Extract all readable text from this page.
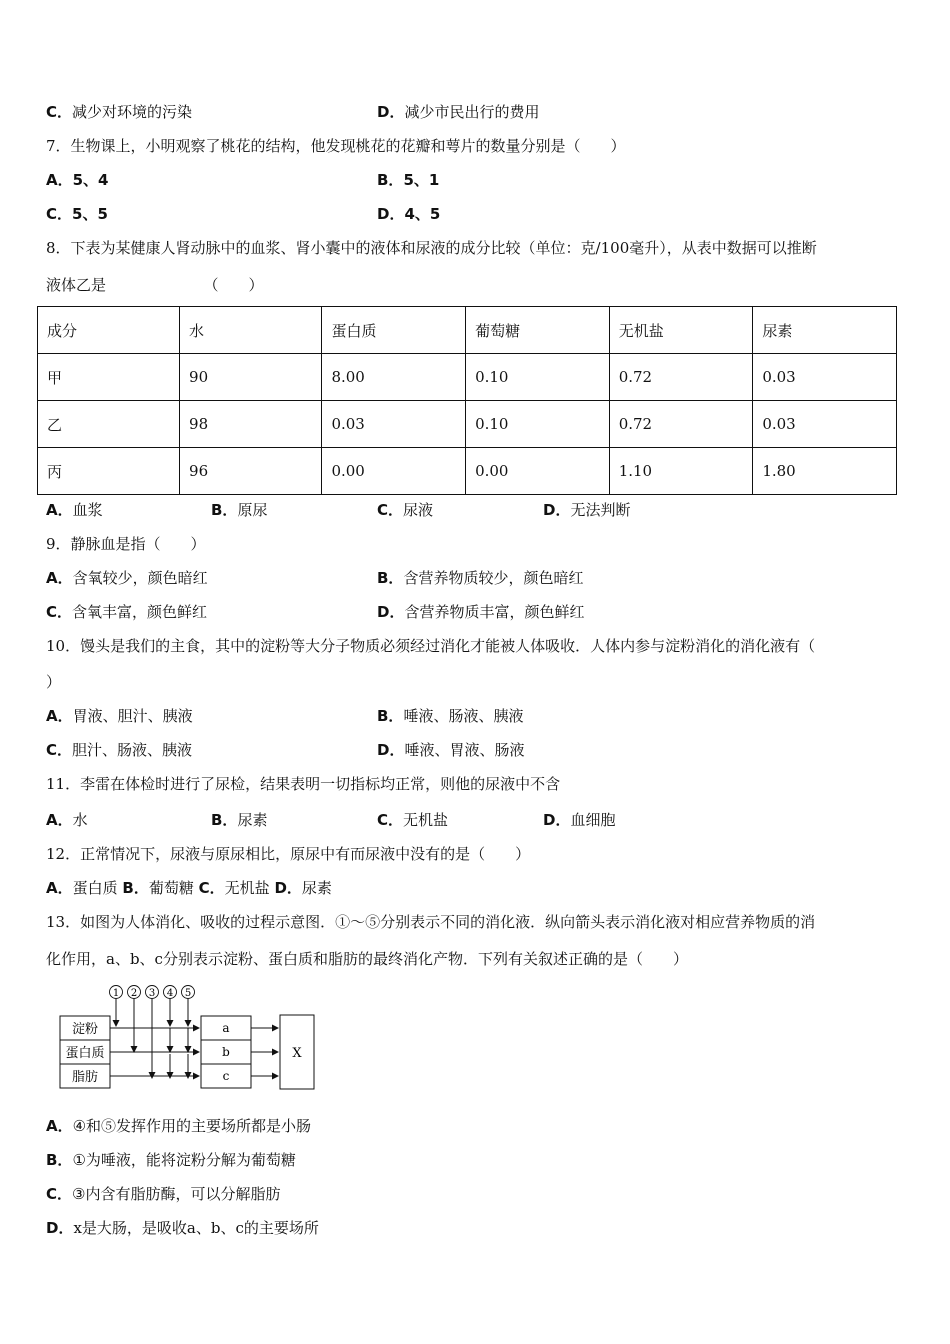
C．减少对环境的污染	D．减少市民出行的费用
7．生物课上，小明观察了桃花的结构，他发现桃花的花瓣和萼片的数量分别是（　　）
A．5、4	B．5、1
C．5、5	D．4、5
8．下表为某健康人肾动脉中的血浆、肾小囊中的液体和尿液的成分比较（单位：克/100毫升），从表中数据可以推断
液体乙是　　　　　　　（　　）
成分	水	蛋白质	葡萄糖	无机盐	尿素
甲	90	8.00	0.10	0.72	0.03
乙	98	0.03	0.10	0.72	0.03
丙	96	0.00	0.00	1.10	1.80
A．血浆	B．原尿	C．尿液	D．无法判断
9．静脉血是指（　　）
A．含氧较少，颜色暗红	B．含营养物质较少，颜色暗红
C．含氧丰富，颜色鲜红	D．含营养物质丰富，颜色鲜红
10．馒头是我们的主食，其中的淀粉等大分子物质必须经过消化才能被人体吸收．人体内参与淀粉消化的消化液有（
）
A．胃液、胆汁、胰液	B．唾液、肠液、胰液
C．胆汁、肠液、胰液	D．唾液、胃液、肠液
11．李雷在体检时进行了尿检，结果表明一切指标均正常，则他的尿液中不含
A．水	B．尿素	C．无机盐	D．血细胞
12．正常情况下，尿液与原尿相比，原尿中有而尿液中没有的是（　　）
A．蛋白质 B．葡萄糖 C．无机盐 D．尿素
13．如图为人体消化、吸收的过程示意图．①～⑤分别表示不同的消化液．纵向箭头表示消化液对相应营养物质的消
化作用，a、b、c分别表示淀粉、蛋白质和脂肪的最终消化产物．下列有关叙述正确的是（　　）
1 2 3 4 5
淀粉
蛋白质
脂肪
a
b
c
X
A．④和⑤发挥作用的主要场所都是小肠
B．①为唾液，能将淀粉分解为葡萄糖
C．③内含有脂肪酶，可以分解脂肪
D．x是大肠，是吸收a、b、c的主要场所
